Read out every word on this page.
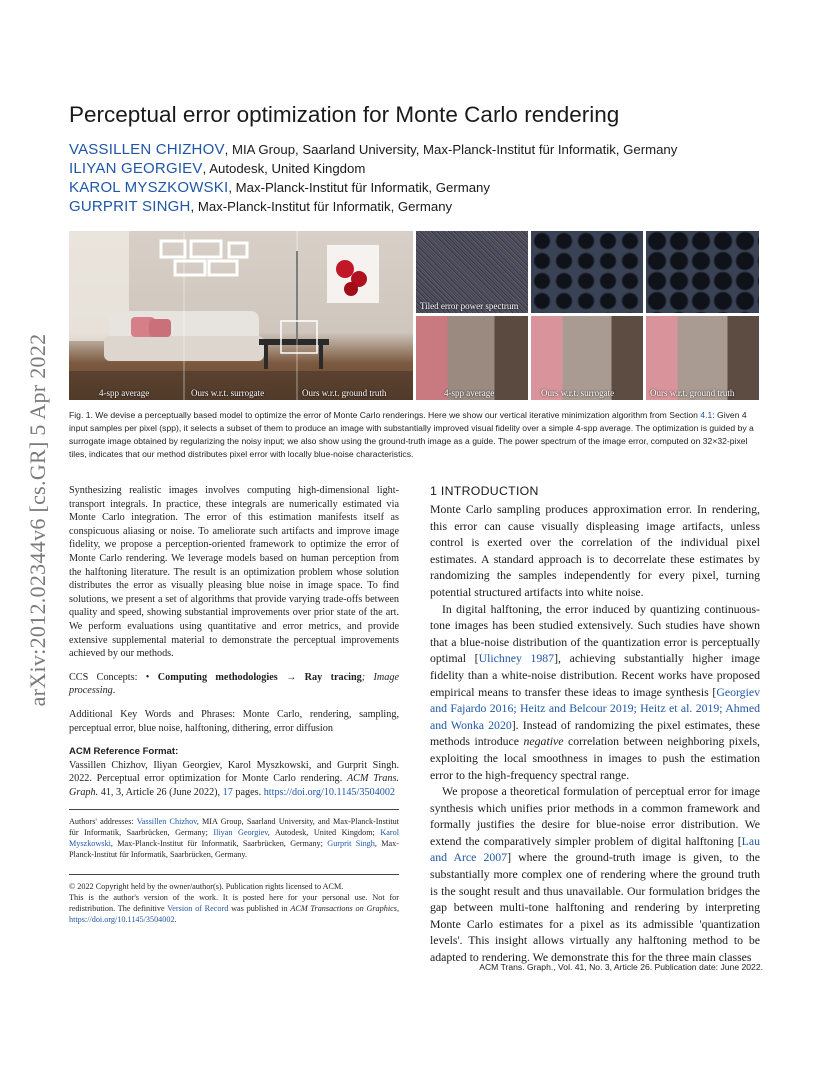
arXiv:2012.02344v6 [cs.GR] 5 Apr 2022
Perceptual error optimization for Monte Carlo rendering
VASSILLEN CHIZHOV, MIA Group, Saarland University, Max-Planck-Institut für Informatik, Germany
ILIYAN GEORGIEV, Autodesk, United Kingdom
KAROL MYSZKOWSKI, Max-Planck-Institut für Informatik, Germany
GURPRIT SINGH, Max-Planck-Institut für Informatik, Germany
4-spp average	Ours w.r.t. surrogate	Ours w.r.t. ground truth
Tiled error power spectrum
4-spp average	Ours w.r.t. surrogate	Ours w.r.t. ground truth
Fig. 1. We devise a perceptually based model to optimize the error of Monte Carlo renderings. Here we show our vertical iterative minimization algorithm from Section 4.1: Given 4 input samples per pixel (spp), it selects a subset of them to produce an image with substantially improved visual fidelity over a simple 4-spp average. The optimization is guided by a surrogate image obtained by regularizing the noisy input; we also show using the ground-truth image as a guide. The power spectrum of the image error, computed on 32×32-pixel tiles, indicates that our method distributes pixel error with locally blue-noise characteristics.

Synthesizing realistic images involves computing high-dimensional light-transport integrals. In practice, these integrals are numerically estimated via Monte Carlo integration. The error of this estimation manifests itself as conspicuous aliasing or noise. To ameliorate such artifacts and improve image fidelity, we propose a perception-oriented framework to optimize the error of Monte Carlo rendering. We leverage models based on human perception from the halftoning literature. The result is an optimization problem whose solution distributes the error as visually pleasing blue noise in image space. To find solutions, we present a set of algorithms that provide varying trade-offs between quality and speed, showing substantial improvements over prior state of the art. We perform evaluations using quantitative and error metrics, and provide extensive supplemental material to demonstrate the perceptual improvements achieved by our methods.

CCS Concepts: • Computing methodologies → Ray tracing; Image processing.

Additional Key Words and Phrases: Monte Carlo, rendering, sampling, perceptual error, blue noise, halftoning, dithering, error diffusion

ACM Reference Format:
Vassillen Chizhov, Iliyan Georgiev, Karol Myszkowski, and Gurprit Singh. 2022. Perceptual error optimization for Monte Carlo rendering. ACM Trans. Graph. 41, 3, Article 26 (June 2022), 17 pages. https://doi.org/10.1145/3504002

Authors' addresses: Vassillen Chizhov, MIA Group, Saarland University, and Max-Planck-Institut für Informatik, Saarbrücken, Germany; Iliyan Georgiev, Autodesk, United Kingdom; Karol Myszkowski, Max-Planck-Institut für Informatik, Saarbrücken, Germany; Gurprit Singh, Max-Planck-Institut für Informatik, Saarbrücken, Germany.

© 2022 Copyright held by the owner/author(s). Publication rights licensed to ACM.
This is the author's version of the work. It is posted here for your personal use. Not for redistribution. The definitive Version of Record was published in ACM Transactions on Graphics, https://doi.org/10.1145/3504002.

1 INTRODUCTION

Monte Carlo sampling produces approximation error. In rendering, this error can cause visually displeasing image artifacts, unless control is exerted over the correlation of the individual pixel estimates. A standard approach is to decorrelate these estimates by randomizing the samples independently for every pixel, turning potential structured artifacts into white noise.

In digital halftoning, the error induced by quantizing continuous-tone images has been studied extensively. Such studies have shown that a blue-noise distribution of the quantization error is perceptually optimal [Ulichney 1987], achieving substantially higher image fidelity than a white-noise distribution. Recent works have proposed empirical means to transfer these ideas to image synthesis [Georgiev and Fajardo 2016; Heitz and Belcour 2019; Heitz et al. 2019; Ahmed and Wonka 2020]. Instead of randomizing the pixel estimates, these methods introduce negative correlation between neighboring pixels, exploiting the local smoothness in images to push the estimation error to the high-frequency spectral range.

We propose a theoretical formulation of perceptual error for image synthesis which unifies prior methods in a common framework and formally justifies the desire for blue-noise error distribution. We extend the comparatively simpler problem of digital halftoning [Lau and Arce 2007] where the ground-truth image is given, to the substantially more complex one of rendering where the ground truth is the sought result and thus unavailable. Our formulation bridges the gap between multi-tone halftoning and rendering by interpreting Monte Carlo estimates for a pixel as its admissible 'quantization levels'. This insight allows virtually any halftoning method to be adapted to rendering. We demonstrate this for the three main classes

ACM Trans. Graph., Vol. 41, No. 3, Article 26. Publication date: June 2022.
